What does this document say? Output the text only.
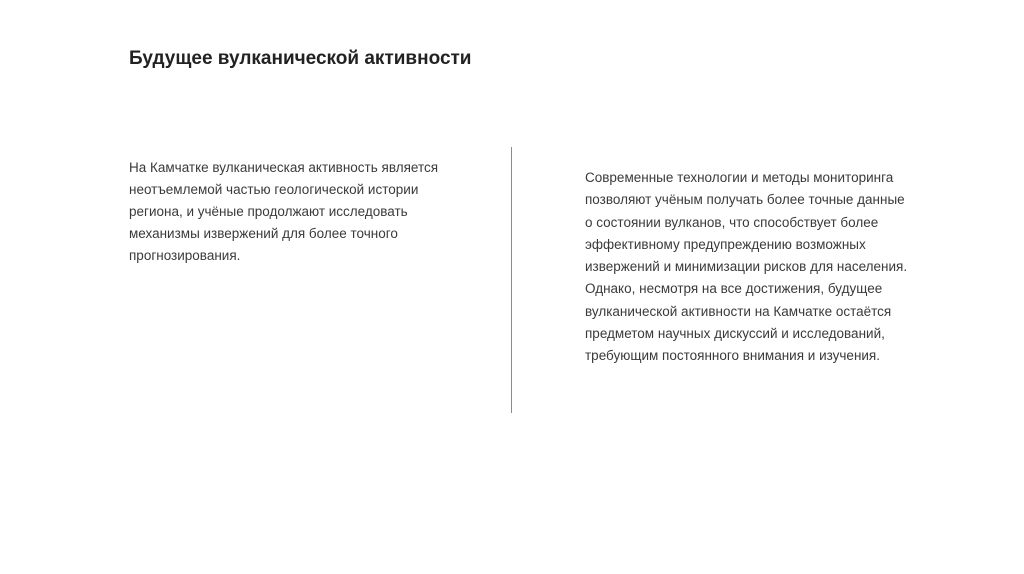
Будущее вулканической активности
На Камчатке вулканическая активность является
неотъемлемой частью геологической истории
региона, и учёные продолжают исследовать
механизмы извержений для более точного
прогнозирования.
Современные технологии и методы мониторинга
позволяют учёным получать более точные данные
о состоянии вулканов, что способствует более
эффективному предупреждению возможных
извержений и минимизации рисков для населения.
Однако, несмотря на все достижения, будущее
вулканической активности на Камчатке остаётся
предметом научных дискуссий и исследований,
требующим постоянного внимания и изучения.
